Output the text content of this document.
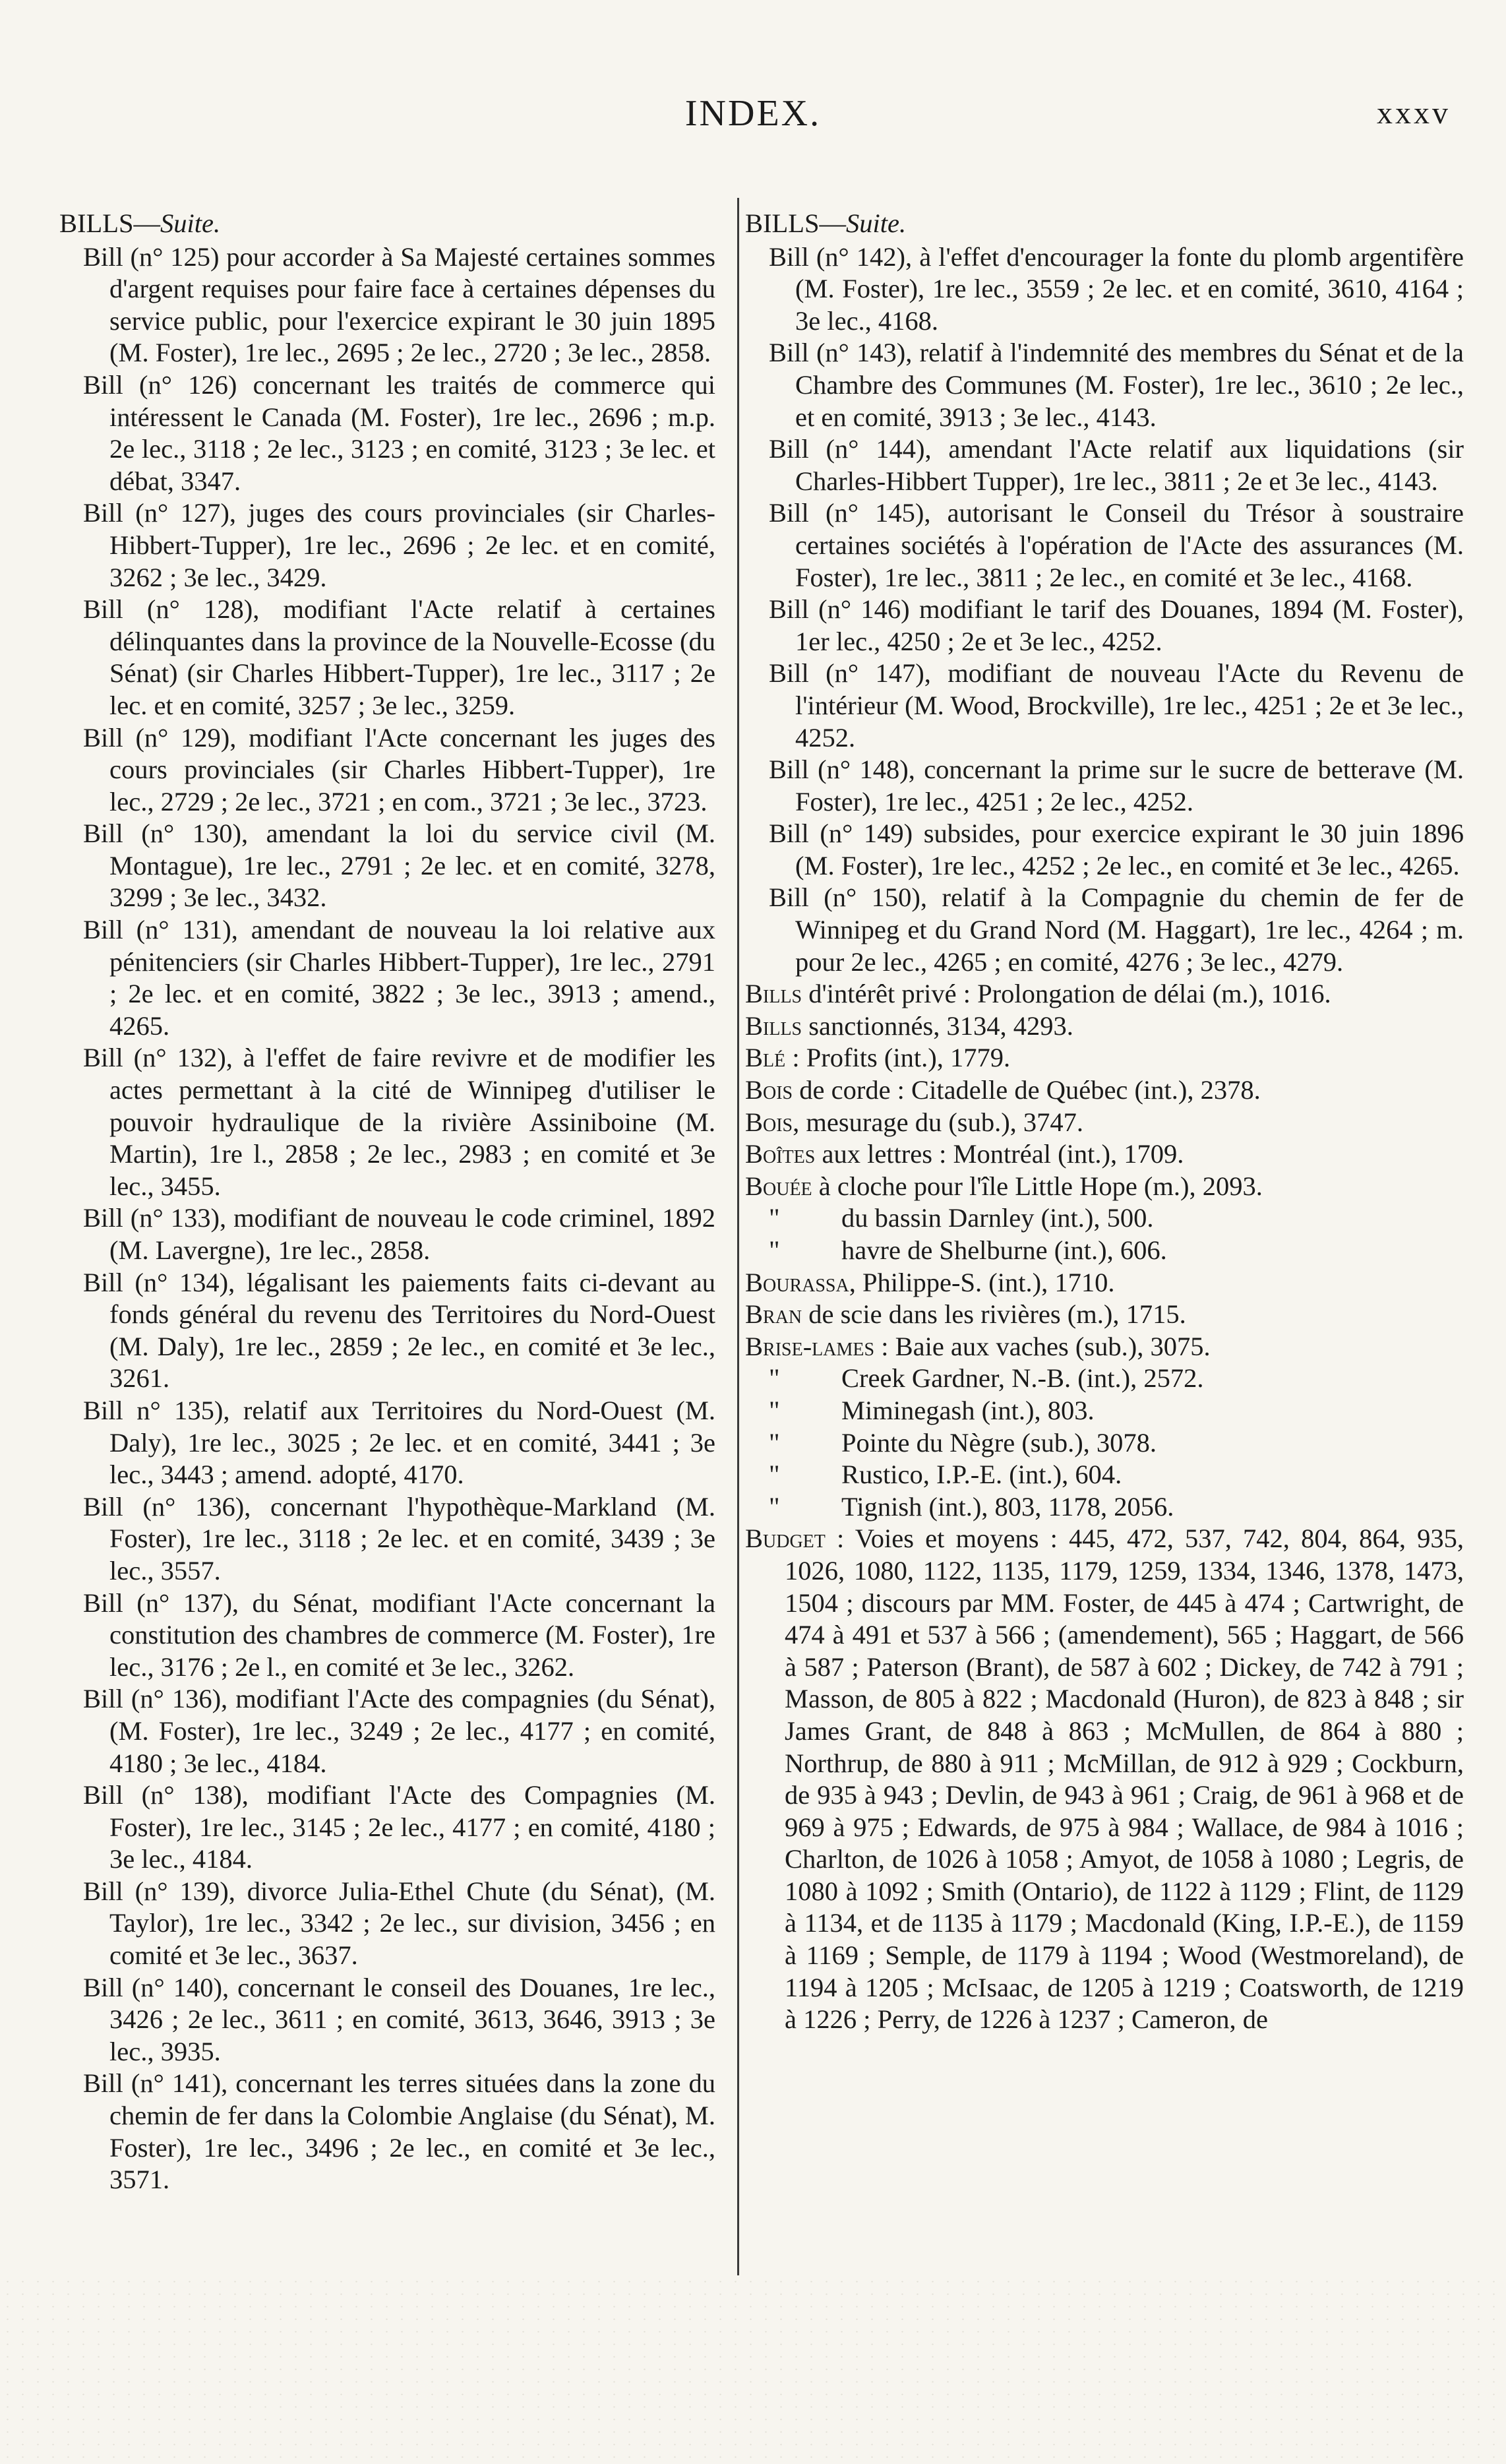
INDEX.	xxxv

BILLS—Suite.

Bill (n° 125) pour accorder à Sa Majesté certaines sommes d'argent requises pour faire face à certaines dépenses du service public, pour l'exercice expirant le 30 juin 1895 (M. Foster), 1re lec., 2695 ; 2e lec., 2720 ; 3e lec., 2858.

Bill (n° 126) concernant les traités de commerce qui intéressent le Canada (M. Foster), 1re lec., 2696 ; m.p. 2e lec., 3118 ; 2e lec., 3123 ; en comité, 3123 ; 3e lec. et débat, 3347.

Bill (n° 127), juges des cours provinciales (sir Charles-Hibbert-Tupper), 1re lec., 2696 ; 2e lec. et en comité, 3262 ; 3e lec., 3429.

Bill (n° 128), modifiant l'Acte relatif à certaines délinquantes dans la province de la Nouvelle-Ecosse (du Sénat) (sir Charles Hibbert-Tupper), 1re lec., 3117 ; 2e lec. et en comité, 3257 ; 3e lec., 3259.

Bill (n° 129), modifiant l'Acte concernant les juges des cours provinciales (sir Charles Hibbert-Tupper), 1re lec., 2729 ; 2e lec., 3721 ; en com., 3721 ; 3e lec., 3723.

Bill (n° 130), amendant la loi du service civil (M. Montague), 1re lec., 2791 ; 2e lec. et en comité, 3278, 3299 ; 3e lec., 3432.

Bill (n° 131), amendant de nouveau la loi relative aux pénitenciers (sir Charles Hibbert-Tupper), 1re lec., 2791 ; 2e lec. et en comité, 3822 ; 3e lec., 3913 ; amend., 4265.

Bill (n° 132), à l'effet de faire revivre et de modifier les actes permettant à la cité de Winnipeg d'utiliser le pouvoir hydraulique de la rivière Assiniboine (M. Martin), 1re l., 2858 ; 2e lec., 2983 ; en comité et 3e lec., 3455.

Bill (n° 133), modifiant de nouveau le code criminel, 1892 (M. Lavergne), 1re lec., 2858.

Bill (n° 134), légalisant les paiements faits ci-devant au fonds général du revenu des Territoires du Nord-Ouest (M. Daly), 1re lec., 2859 ; 2e lec., en comité et 3e lec., 3261.

Bill n° 135), relatif aux Territoires du Nord-Ouest (M. Daly), 1re lec., 3025 ; 2e lec. et en comité, 3441 ; 3e lec., 3443 ; amend. adopté, 4170.

Bill (n° 136), concernant l'hypothèque-Markland (M. Foster), 1re lec., 3118 ; 2e lec. et en comité, 3439 ; 3e lec., 3557.

Bill (n° 137), du Sénat, modifiant l'Acte concernant la constitution des chambres de commerce (M. Foster), 1re lec., 3176 ; 2e l., en comité et 3e lec., 3262.

Bill (n° 136), modifiant l'Acte des compagnies (du Sénat), (M. Foster), 1re lec., 3249 ; 2e lec., 4177 ; en comité, 4180 ; 3e lec., 4184.

Bill (n° 138), modifiant l'Acte des Compagnies (M. Foster), 1re lec., 3145 ; 2e lec., 4177 ; en comité, 4180 ; 3e lec., 4184.

Bill (n° 139), divorce Julia-Ethel Chute (du Sénat), (M. Taylor), 1re lec., 3342 ; 2e lec., sur division, 3456 ; en comité et 3e lec., 3637.

Bill (n° 140), concernant le conseil des Douanes, 1re lec., 3426 ; 2e lec., 3611 ; en comité, 3613, 3646, 3913 ; 3e lec., 3935.

Bill (n° 141), concernant les terres situées dans la zone du chemin de fer dans la Colombie Anglaise (du Sénat), M. Foster), 1re lec., 3496 ; 2e lec., en comité et 3e lec., 3571.

BILLS—Suite.

Bill (n° 142), à l'effet d'encourager la fonte du plomb argentifère (M. Foster), 1re lec., 3559 ; 2e lec. et en comité, 3610, 4164 ; 3e lec., 4168.

Bill (n° 143), relatif à l'indemnité des membres du Sénat et de la Chambre des Communes (M. Foster), 1re lec., 3610 ; 2e lec., et en comité, 3913 ; 3e lec., 4143.

Bill (n° 144), amendant l'Acte relatif aux liquidations (sir Charles-Hibbert Tupper), 1re lec., 3811 ; 2e et 3e lec., 4143.

Bill (n° 145), autorisant le Conseil du Trésor à soustraire certaines sociétés à l'opération de l'Acte des assurances (M. Foster), 1re lec., 3811 ; 2e lec., en comité et 3e lec., 4168.

Bill (n° 146) modifiant le tarif des Douanes, 1894 (M. Foster), 1er lec., 4250 ; 2e et 3e lec., 4252.

Bill (n° 147), modifiant de nouveau l'Acte du Revenu de l'intérieur (M. Wood, Brockville), 1re lec., 4251 ; 2e et 3e lec., 4252.

Bill (n° 148), concernant la prime sur le sucre de betterave (M. Foster), 1re lec., 4251 ; 2e lec., 4252.

Bill (n° 149) subsides, pour exercice expirant le 30 juin 1896 (M. Foster), 1re lec., 4252 ; 2e lec., en comité et 3e lec., 4265.

Bill (n° 150), relatif à la Compagnie du chemin de fer de Winnipeg et du Grand Nord (M. Haggart), 1re lec., 4264 ; m. pour 2e lec., 4265 ; en comité, 4276 ; 3e lec., 4279.

Bills d'intérêt privé : Prolongation de délai (m.), 1016.

Bills sanctionnés, 3134, 4293.

Blé : Profits (int.), 1779.

Bois de corde : Citadelle de Québec (int.), 2378.

Bois, mesurage du (sub.), 3747.

Boîtes aux lettres : Montréal (int.), 1709.

Bouée à cloche pour l'île Little Hope (m.), 2093.

" du bassin Darnley (int.), 500.

" havre de Shelburne (int.), 606.

Bourassa, Philippe-S. (int.), 1710.

Bran de scie dans les rivières (m.), 1715.

Brise-lames : Baie aux vaches (sub.), 3075.

" Creek Gardner, N.-B. (int.), 2572.

" Miminegash (int.), 803.

" Pointe du Nègre (sub.), 3078.

" Rustico, I.P.-E. (int.), 604.

" Tignish (int.), 803, 1178, 2056.

Budget : Voies et moyens : 445, 472, 537, 742, 804, 864, 935, 1026, 1080, 1122, 1135, 1179, 1259, 1334, 1346, 1378, 1473, 1504 ; discours par MM. Foster, de 445 à 474 ; Cartwright, de 474 à 491 et 537 à 566 ; (amendement), 565 ; Haggart, de 566 à 587 ; Paterson (Brant), de 587 à 602 ; Dickey, de 742 à 791 ; Masson, de 805 à 822 ; Macdonald (Huron), de 823 à 848 ; sir James Grant, de 848 à 863 ; McMullen, de 864 à 880 ; Northrup, de 880 à 911 ; McMillan, de 912 à 929 ; Cockburn, de 935 à 943 ; Devlin, de 943 à 961 ; Craig, de 961 à 968 et de 969 à 975 ; Edwards, de 975 à 984 ; Wallace, de 984 à 1016 ; Charlton, de 1026 à 1058 ; Amyot, de 1058 à 1080 ; Legris, de 1080 à 1092 ; Smith (Ontario), de 1122 à 1129 ; Flint, de 1129 à 1134, et de 1135 à 1179 ; Macdonald (King, I.P.-E.), de 1159 à 1169 ; Semple, de 1179 à 1194 ; Wood (Westmoreland), de 1194 à 1205 ; McIsaac, de 1205 à 1219 ; Coatsworth, de 1219 à 1226 ; Perry, de 1226 à 1237 ; Cameron, de
